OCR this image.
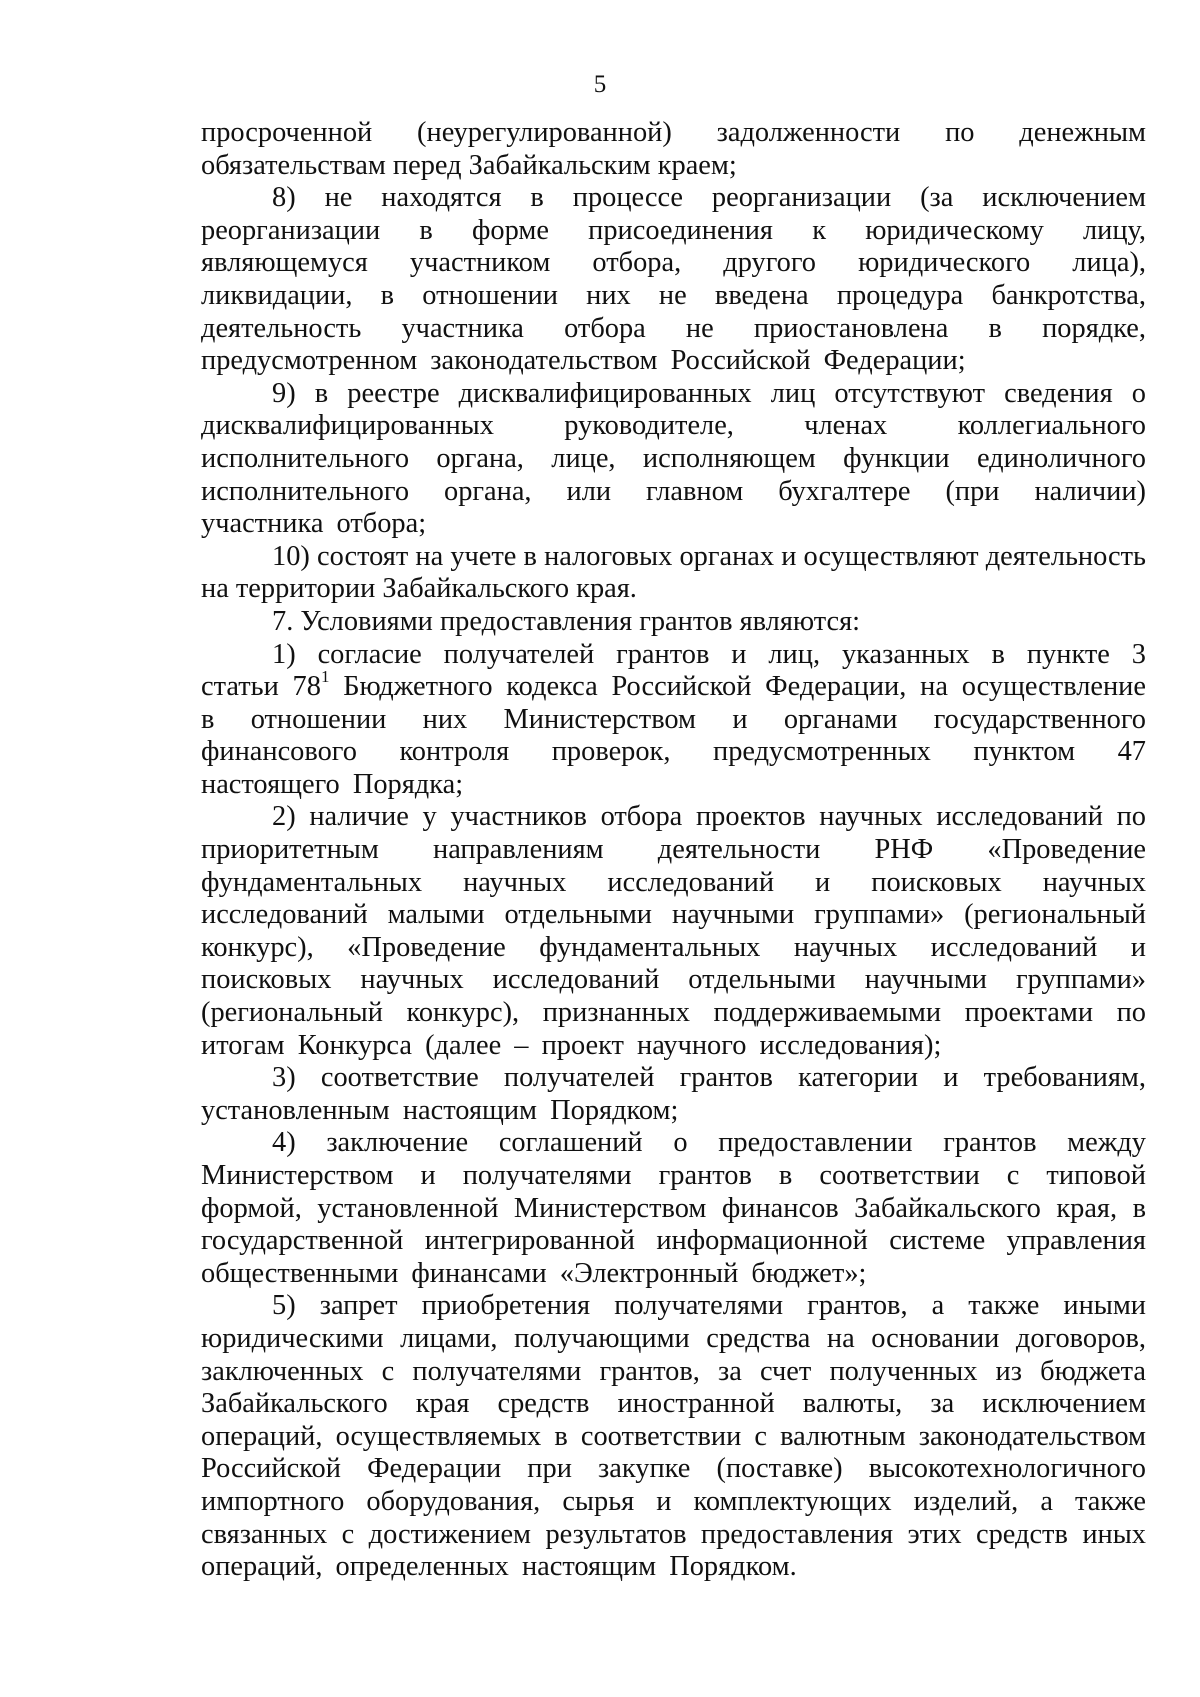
5

просроченной (неурегулированной) задолженности по денежным обязательствам перед Забайкальским краем;

8) не находятся в процессе реорганизации (за исключением реорганизации в форме присоединения к юридическому лицу, являющемуся участником отбора, другого юридического лица), ликвидации, в отношении них не введена процедура банкротства, деятельность участника отбора не приостановлена в порядке, предусмотренном законодательством Российской Федерации;

9) в реестре дисквалифицированных лиц отсутствуют сведения о дисквалифицированных руководителе, членах коллегиального исполнительного органа, лице, исполняющем функции единоличного исполнительного органа, или главном бухгалтере (при наличии) участника отбора;

10) состоят на учете в налоговых органах и осуществляют деятельность на территории Забайкальского края.

7. Условиями предоставления грантов являются:

1) согласие получателей грантов и лиц, указанных в пункте 3 статьи $78^1$ Бюджетного кодекса Российской Федерации, на осуществление в отношении них Министерством и органами государственного финансового контроля проверок, предусмотренных пунктом 47 настоящего Порядка;

2) наличие у участников отбора проектов научных исследований по приоритетным направлениям деятельности РНФ «Проведение фундаментальных научных исследований и поисковых научных исследований малыми отдельными научными группами» (региональный конкурс), «Проведение фундаментальных научных исследований и поисковых научных исследований отдельными научными группами» (региональный конкурс), признанных поддерживаемыми проектами по итогам Конкурса (далее – проект научного исследования);

3) соответствие получателей грантов категории и требованиям, установленным настоящим Порядком;

4) заключение соглашений о предоставлении грантов между Министерством и получателями грантов в соответствии с типовой формой, установленной Министерством финансов Забайкальского края, в государственной интегрированной информационной системе управления общественными финансами «Электронный бюджет»;

5) запрет приобретения получателями грантов, а также иными юридическими лицами, получающими средства на основании договоров, заключенных с получателями грантов, за счет полученных из бюджета Забайкальского края средств иностранной валюты, за исключением операций, осуществляемых в соответствии с валютным законодательством Российской Федерации при закупке (поставке) высокотехнологичного импортного оборудования, сырья и комплектующих изделий, а также связанных с достижением результатов предоставления этих средств иных операций, определенных настоящим Порядком.
